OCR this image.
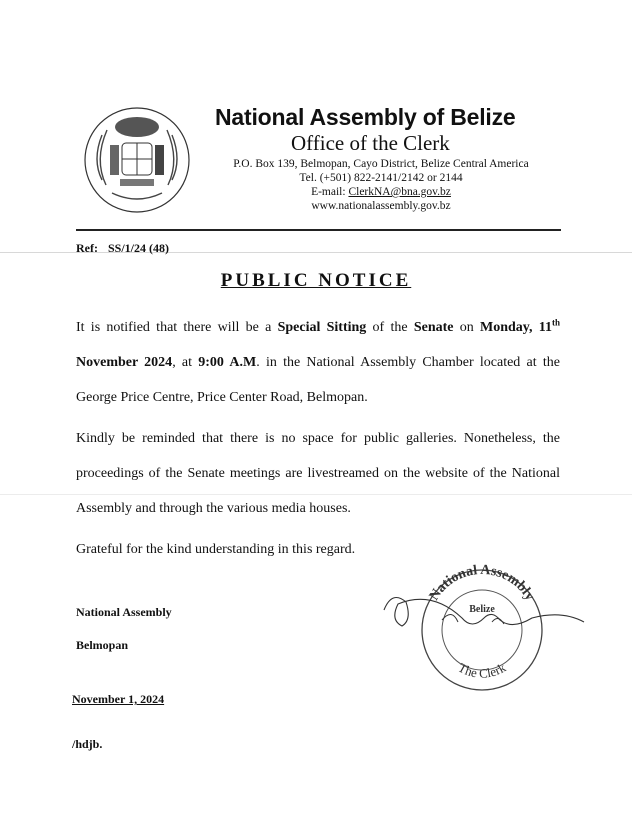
National Assembly of Belize
Office of the Clerk
P.O. Box 139, Belmopan, Cayo District, Belize Central America
Tel. (+501) 822-2141/2142 or 2144
E-mail: ClerkNA@bna.gov.bz
www.nationalassembly.gov.bz
Ref: SS/1/24 (48)
PUBLIC NOTICE
It is notified that there will be a Special Sitting of the Senate on Monday, 11th November 2024, at 9:00 A.M. in the National Assembly Chamber located at the George Price Centre, Price Center Road, Belmopan.
Kindly be reminded that there is no space for public galleries. Nonetheless, the proceedings of the Senate meetings are livestreamed on the website of the National Assembly and through the various media houses.
Grateful for the kind understanding in this regard.
National Assembly
Belmopan
National Assembly
Belize
The Clerk
November 1, 2024
/hdjb.
